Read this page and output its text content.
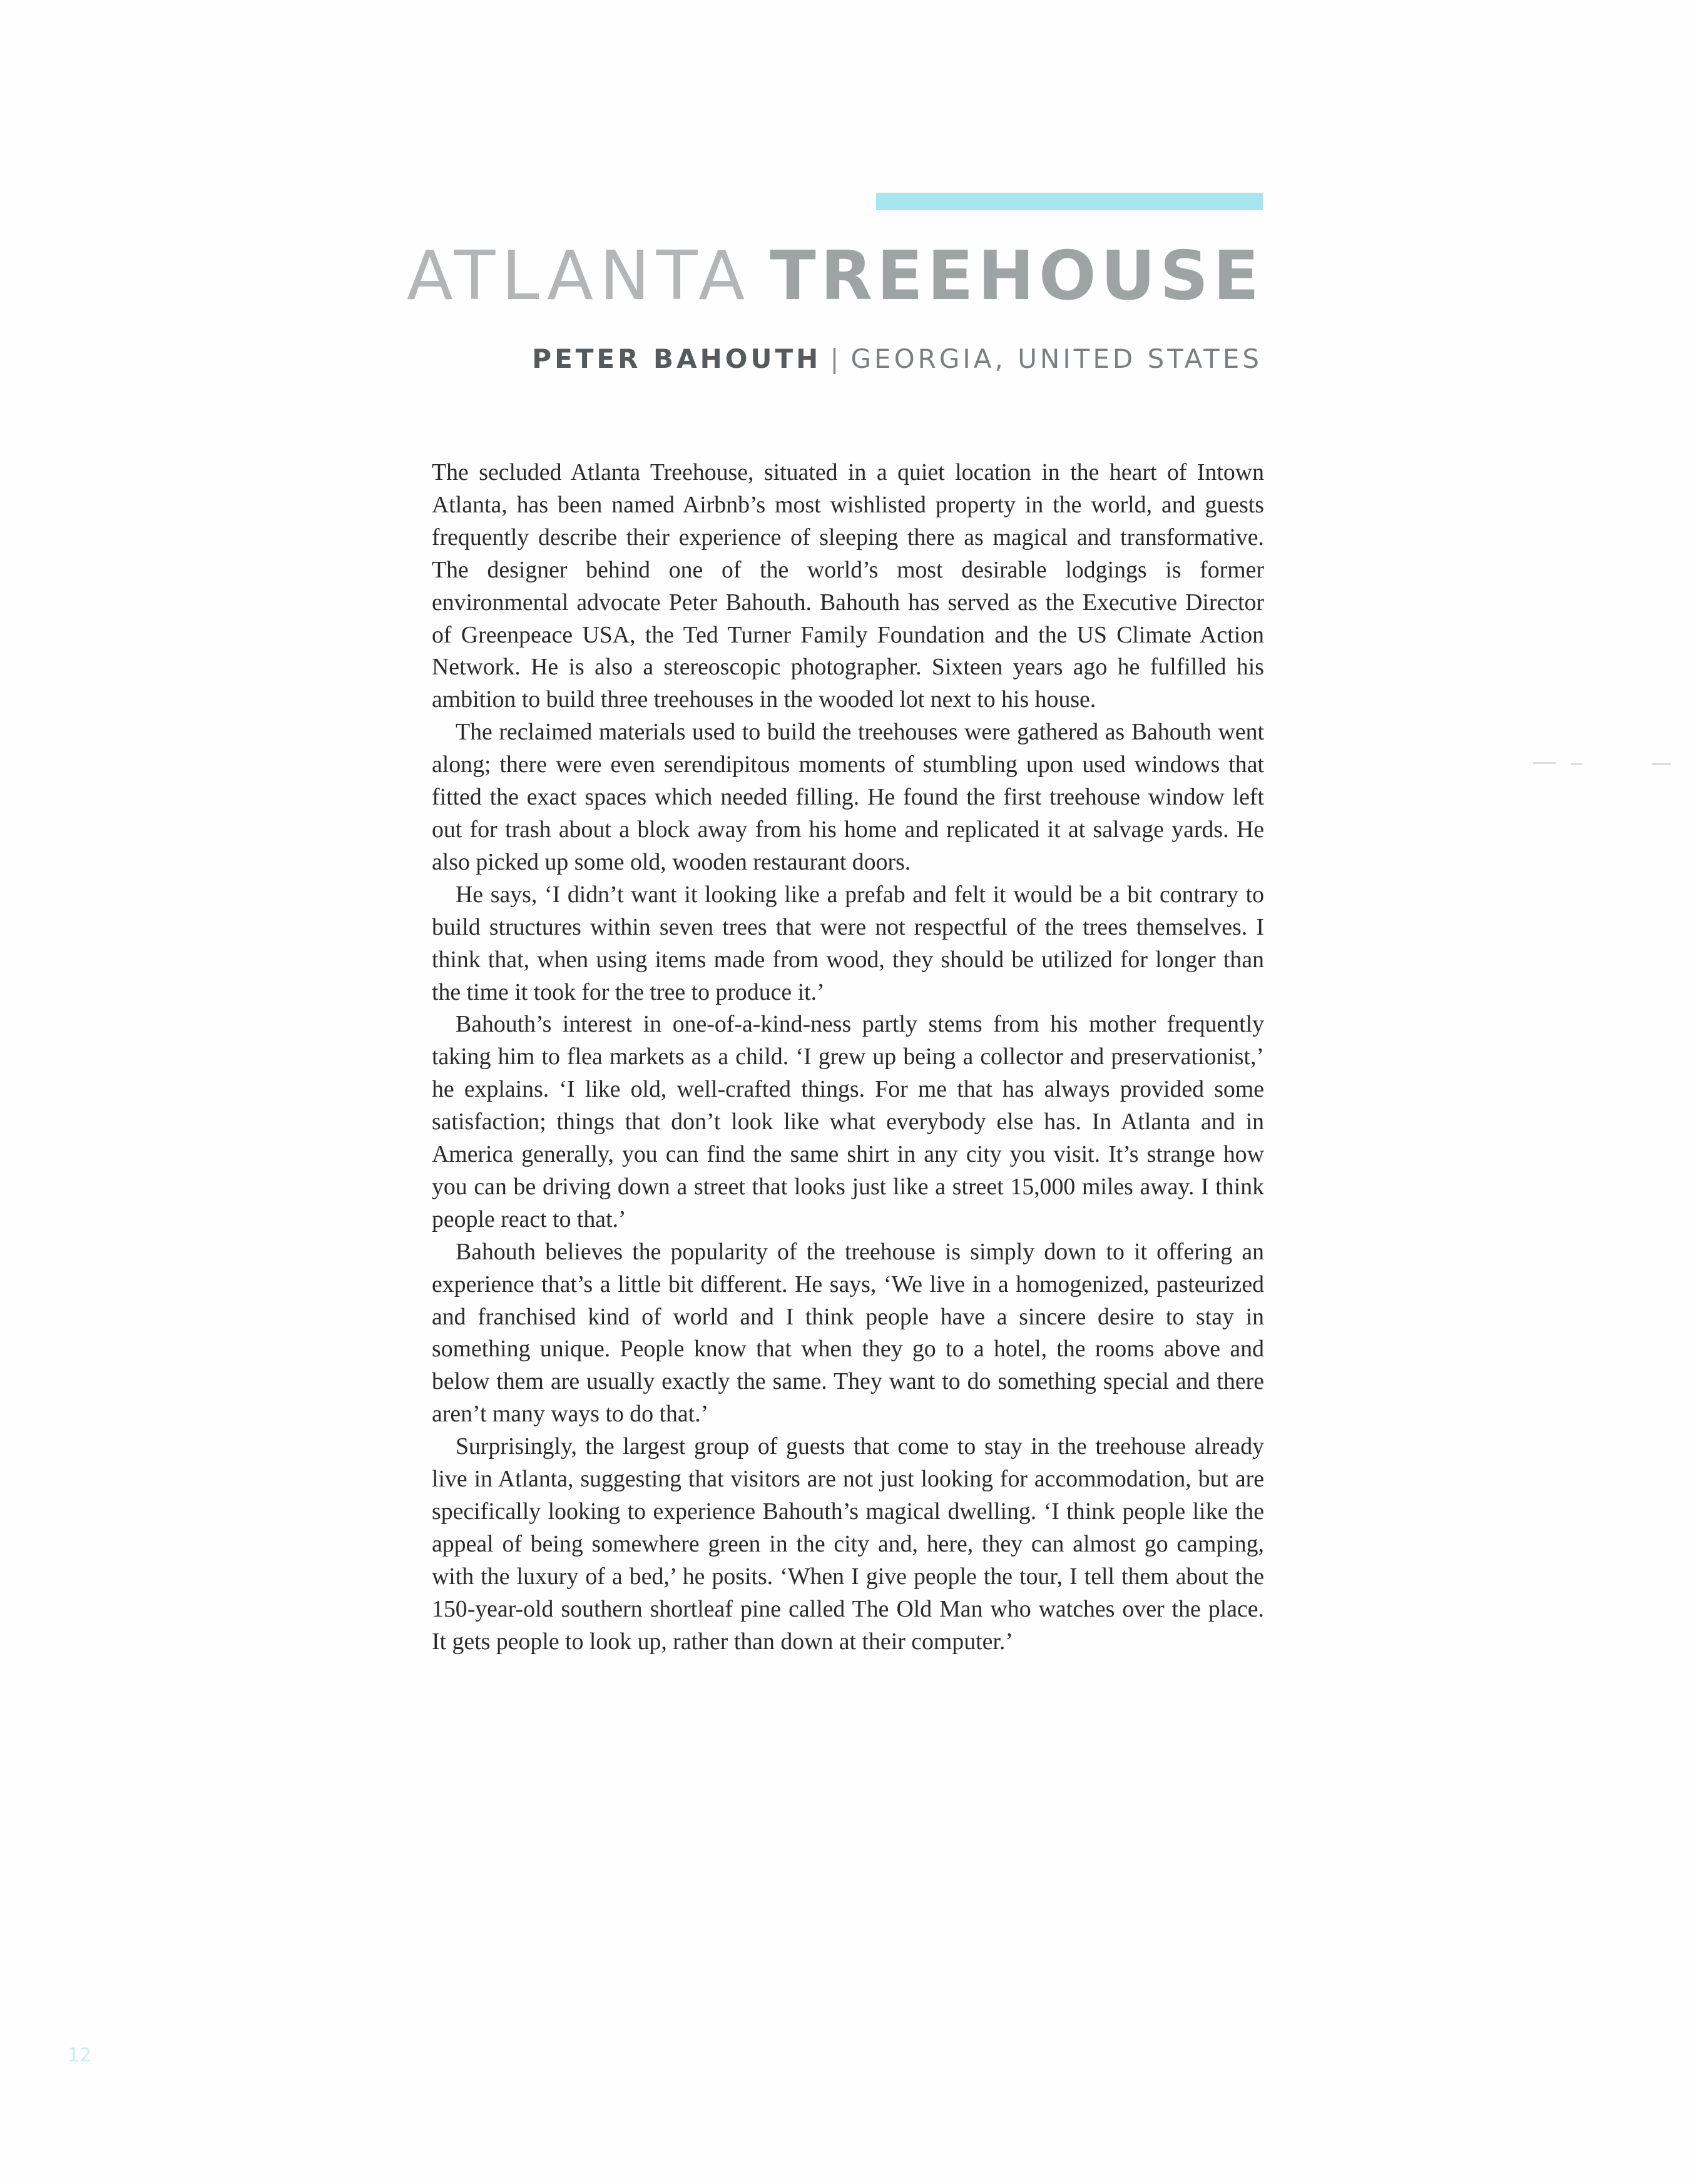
ATLANTA TREEHOUSE
PETER BAHOUTH | GEORGIA, UNITED STATES

The secluded Atlanta Treehouse, situated in a quiet location in the heart of Intown Atlanta, has been named Airbnb’s most wishlisted property in the world, and guests frequently describe their experience of sleeping there as magical and transformative. The designer behind one of the world’s most desirable lodgings is former environmental advocate Peter Bahouth. Bahouth has served as the Executive Director of Greenpeace USA, the Ted Turner Family Foundation and the US Climate Action Network. He is also a stereoscopic photographer. Sixteen years ago he fulfilled his ambition to build three treehouses in the wooded lot next to his house.

The reclaimed materials used to build the treehouses were gathered as Bahouth went along; there were even serendipitous moments of stumbling upon used windows that fitted the exact spaces which needed filling. He found the first treehouse window left out for trash about a block away from his home and replicated it at salvage yards. He also picked up some old, wooden restaurant doors.

He says, ‘I didn’t want it looking like a prefab and felt it would be a bit contrary to build structures within seven trees that were not respectful of the trees themselves. I think that, when using items made from wood, they should be utilized for longer than the time it took for the tree to produce it.’

Bahouth’s interest in one-of-a-kind-ness partly stems from his mother frequently taking him to flea markets as a child. ‘I grew up being a collector and preservationist,’ he explains. ‘I like old, well-crafted things. For me that has always provided some satisfaction; things that don’t look like what everybody else has. In Atlanta and in America generally, you can find the same shirt in any city you visit. It’s strange how you can be driving down a street that looks just like a street 15,000 miles away. I think people react to that.’

Bahouth believes the popularity of the treehouse is simply down to it offering an experience that’s a little bit different. He says, ‘We live in a homogenized, pasteurized and franchised kind of world and I think people have a sincere desire to stay in something unique. People know that when they go to a hotel, the rooms above and below them are usually exactly the same. They want to do something special and there aren’t many ways to do that.’

Surprisingly, the largest group of guests that come to stay in the treehouse already live in Atlanta, suggesting that visitors are not just looking for accommodation, but are specifically looking to experience Bahouth’s magical dwelling. ‘I think people like the appeal of being somewhere green in the city and, here, they can almost go camping, with the luxury of a bed,’ he posits. ‘When I give people the tour, I tell them about the 150-year-old southern shortleaf pine called The Old Man who watches over the place. It gets people to look up, rather than down at their computer.’

12
